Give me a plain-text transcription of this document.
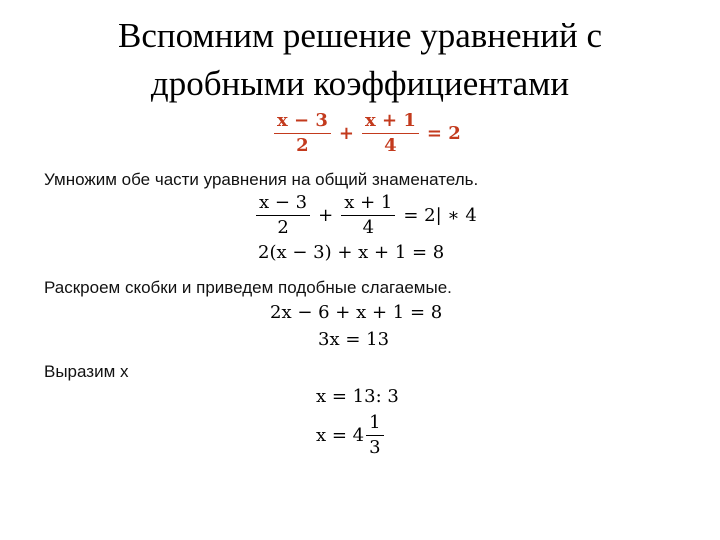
Вспомним решение уравнений с
дробными коэффициентами
$\frac{x - 3}{2} + \frac{x + 1}{4} = 2$
Умножим обе части уравнения на общий знаменатель.
$\frac{x - 3}{2} + \frac{x + 1}{4} = 2|$ ∗ 4
2(x − 3) + x + 1 = 8
Раскроем скобки и приведем подобные слагаемые.
2x − 6 + x + 1 = 8
3x = 13
Выразим x
x = 13: 3
$x = 4 \frac{1}{3}$
